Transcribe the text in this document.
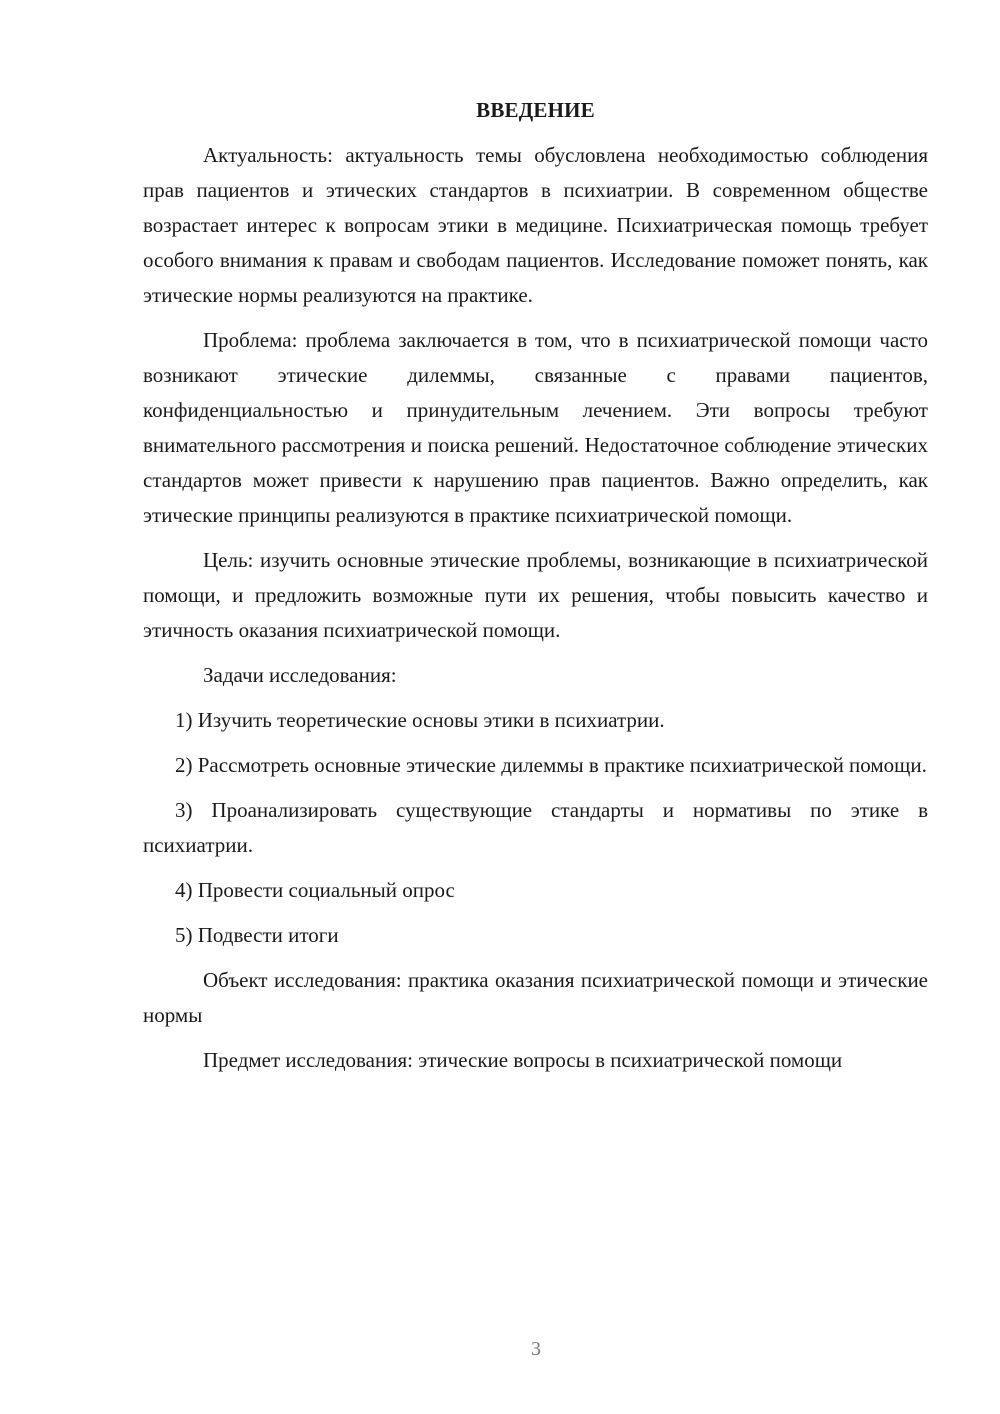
ВВЕДЕНИЕ

Актуальность: актуальность темы обусловлена необходимостью соблюдения прав пациентов и этических стандартов в психиатрии. В современном обществе возрастает интерес к вопросам этики в медицине. Психиатрическая помощь требует особого внимания к правам и свободам пациентов. Исследование поможет понять, как этические нормы реализуются на практике.

Проблема: проблема заключается в том, что в психиатрической помощи часто возникают этические дилеммы, связанные с правами пациентов, конфиденциальностью и принудительным лечением. Эти вопросы требуют внимательного рассмотрения и поиска решений. Недостаточное соблюдение этических стандартов может привести к нарушению прав пациентов. Важно определить, как этические принципы реализуются в практике психиатрической помощи.

Цель: изучить основные этические проблемы, возникающие в психиатрической помощи, и предложить возможные пути их решения, чтобы повысить качество и этичность оказания психиатрической помощи.

Задачи исследования:

1) Изучить теоретические основы этики в психиатрии.

2) Рассмотреть основные этические дилеммы в практике психиатрической помощи.

3) Проанализировать существующие стандарты и нормативы по этике в психиатрии.

4) Провести социальный опрос

5) Подвести итоги

Объект исследования: практика оказания психиатрической помощи и этические нормы

Предмет исследования: этические вопросы в психиатрической помощи

3
